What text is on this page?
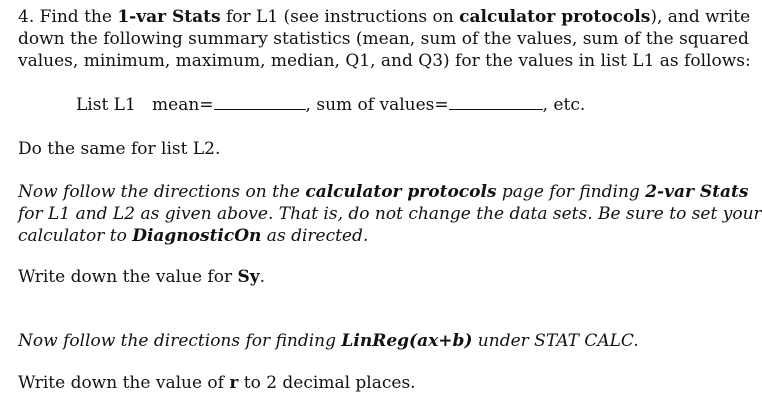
4. Find the 1-var Stats for L1 (see instructions on calculator protocols), and write
down the following summary statistics (mean, sum of the values, sum of the squared
values, minimum, maximum, median, Q1, and Q3) for the values in list L1 as follows:
List L1 mean=	, sum of values=	, etc.
Do the same for list L2.
Now follow the directions on the calculator protocols page for finding 2-var Stats
for L1 and L2 as given above. That is, do not change the data sets. Be sure to set your
calculator to DiagnosticOn as directed.
Write down the value for Sy.
Now follow the directions for finding LinReg(ax+b) under STAT CALC.
Write down the value of r to 2 decimal places.
